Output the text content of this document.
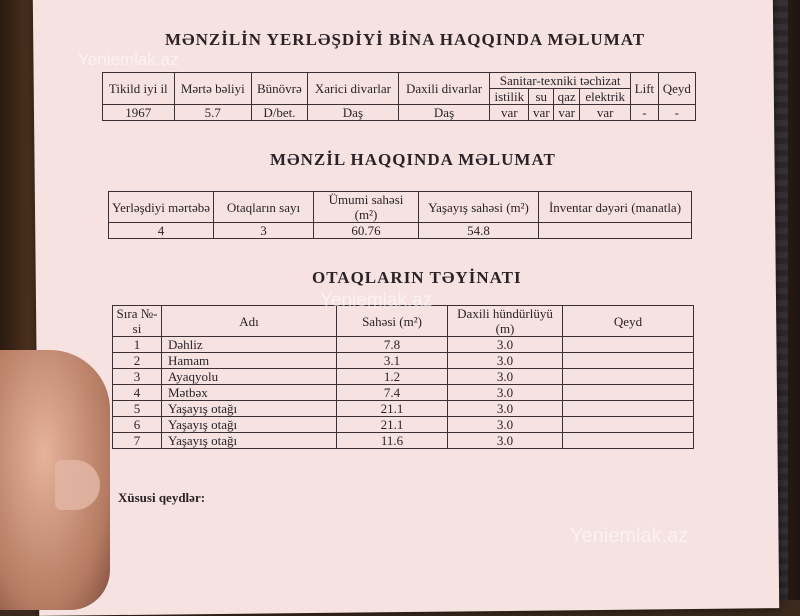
MƏNZİLİN YERLƏŞDİYİ BİNA HAQQINDA MƏLUMAT
Tikild iyi il	Mərtə bəliyi	Bünövrə	Xarici divarlar	Daxili divarlar	Sanitar-texniki təchizat				Lift	Qeyd
					istilik	su	qaz	elektrik		
1967	5.7	D/bet.	Daş	Daş	var	var	var	var	-	-
MƏNZİL HAQQINDA MƏLUMAT
Yerləşdiyi mərtəbə	Otaqların sayı	Ümumi sahəsi (m²)	Yaşayış sahəsi (m²)	İnventar dəyəri (manatla)
4	3	60.76	54.8	
OTAQLARIN TƏYİNATI
Sıra №-si	Adı	Sahəsi (m²)	Daxili hündürlüyü (m)	Qeyd
1	Dəhliz	7.8	3.0	
2	Hamam	3.1	3.0	
3	Ayaqyolu	1.2	3.0	
4	Mətbəx	7.4	3.0	
5	Yaşayış otağı	21.1	3.0	
6	Yaşayış otağı	21.1	3.0	
7	Yaşayış otağı	11.6	3.0	
Xüsusi qeydlər:
Yeniemlak.az
Yeniemlak.az
Yeniemlak.az
